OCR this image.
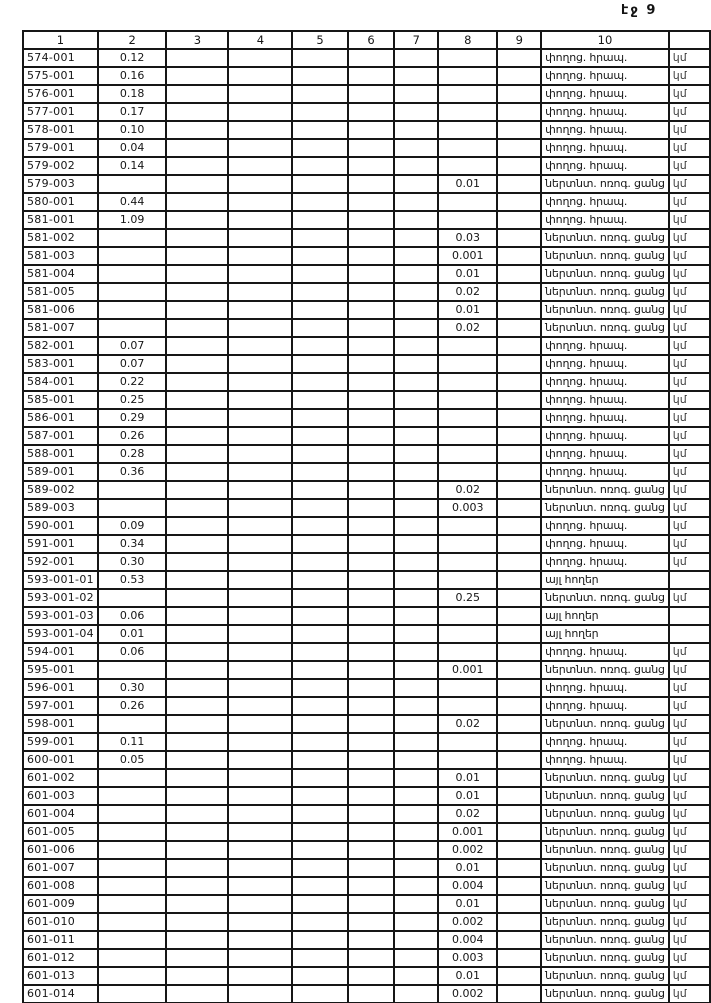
էջ 9
1	2	3	4	5	6	7	8	9	10	
574-001	0.12								փողոց. հրապ.	կմ
575-001	0.16								փողոց. հրապ.	կմ
576-001	0.18								փողոց. հրապ.	կմ
577-001	0.17								փողոց. հրապ.	կմ
578-001	0.10								փողոց. հրապ.	կմ
579-001	0.04								փողոց. հրապ.	կմ
579-002	0.14								փողոց. հրապ.	կմ
579-003							0.01		ներտնտ. ոռոգ. ցանց	կմ
580-001	0.44								փողոց. հրապ.	կմ
581-001	1.09								փողոց. հրապ.	կմ
581-002							0.03		ներտնտ. ոռոգ. ցանց	կմ
581-003							0.001		ներտնտ. ոռոգ. ցանց	կմ
581-004							0.01		ներտնտ. ոռոգ. ցանց	կմ
581-005							0.02		ներտնտ. ոռոգ. ցանց	կմ
581-006							0.01		ներտնտ. ոռոգ. ցանց	կմ
581-007							0.02		ներտնտ. ոռոգ. ցանց	կմ
582-001	0.07								փողոց. հրապ.	կմ
583-001	0.07								փողոց. հրապ.	կմ
584-001	0.22								փողոց. հրապ.	կմ
585-001	0.25								փողոց. հրապ.	կմ
586-001	0.29								փողոց. հրապ.	կմ
587-001	0.26								փողոց. հրապ.	կմ
588-001	0.28								փողոց. հրապ.	կմ
589-001	0.36								փողոց. հրապ.	կմ
589-002							0.02		ներտնտ. ոռոգ. ցանց	կմ
589-003							0.003		ներտնտ. ոռոգ. ցանց	կմ
590-001	0.09								փողոց. հրապ.	կմ
591-001	0.34								փողոց. հրապ.	կմ
592-001	0.30								փողոց. հրապ.	կմ
593-001-01	0.53								այլ հողեր	
593-001-02							0.25		ներտնտ. ոռոգ. ցանց	կմ
593-001-03	0.06								այլ հողեր	
593-001-04	0.01								այլ հողեր	
594-001	0.06								փողոց. հրապ.	կմ
595-001							0.001		ներտնտ. ոռոգ. ցանց	կմ
596-001	0.30								փողոց. հրապ.	կմ
597-001	0.26								փողոց. հրապ.	կմ
598-001							0.02		ներտնտ. ոռոգ. ցանց	կմ
599-001	0.11								փողոց. հրապ.	կմ
600-001	0.05								փողոց. հրապ.	կմ
601-002							0.01		ներտնտ. ոռոգ. ցանց	կմ
601-003							0.01		ներտնտ. ոռոգ. ցանց	կմ
601-004							0.02		ներտնտ. ոռոգ. ցանց	կմ
601-005							0.001		ներտնտ. ոռոգ. ցանց	կմ
601-006							0.002		ներտնտ. ոռոգ. ցանց	կմ
601-007							0.01		ներտնտ. ոռոգ. ցանց	կմ
601-008							0.004		ներտնտ. ոռոգ. ցանց	կմ
601-009							0.01		ներտնտ. ոռոգ. ցանց	կմ
601-010							0.002		ներտնտ. ոռոգ. ցանց	կմ
601-011							0.004		ներտնտ. ոռոգ. ցանց	կմ
601-012							0.003		ներտնտ. ոռոգ. ցանց	կմ
601-013							0.01		ներտնտ. ոռոգ. ցանց	կմ
601-014							0.002		ներտնտ. ոռոգ. ցանց	կմ
